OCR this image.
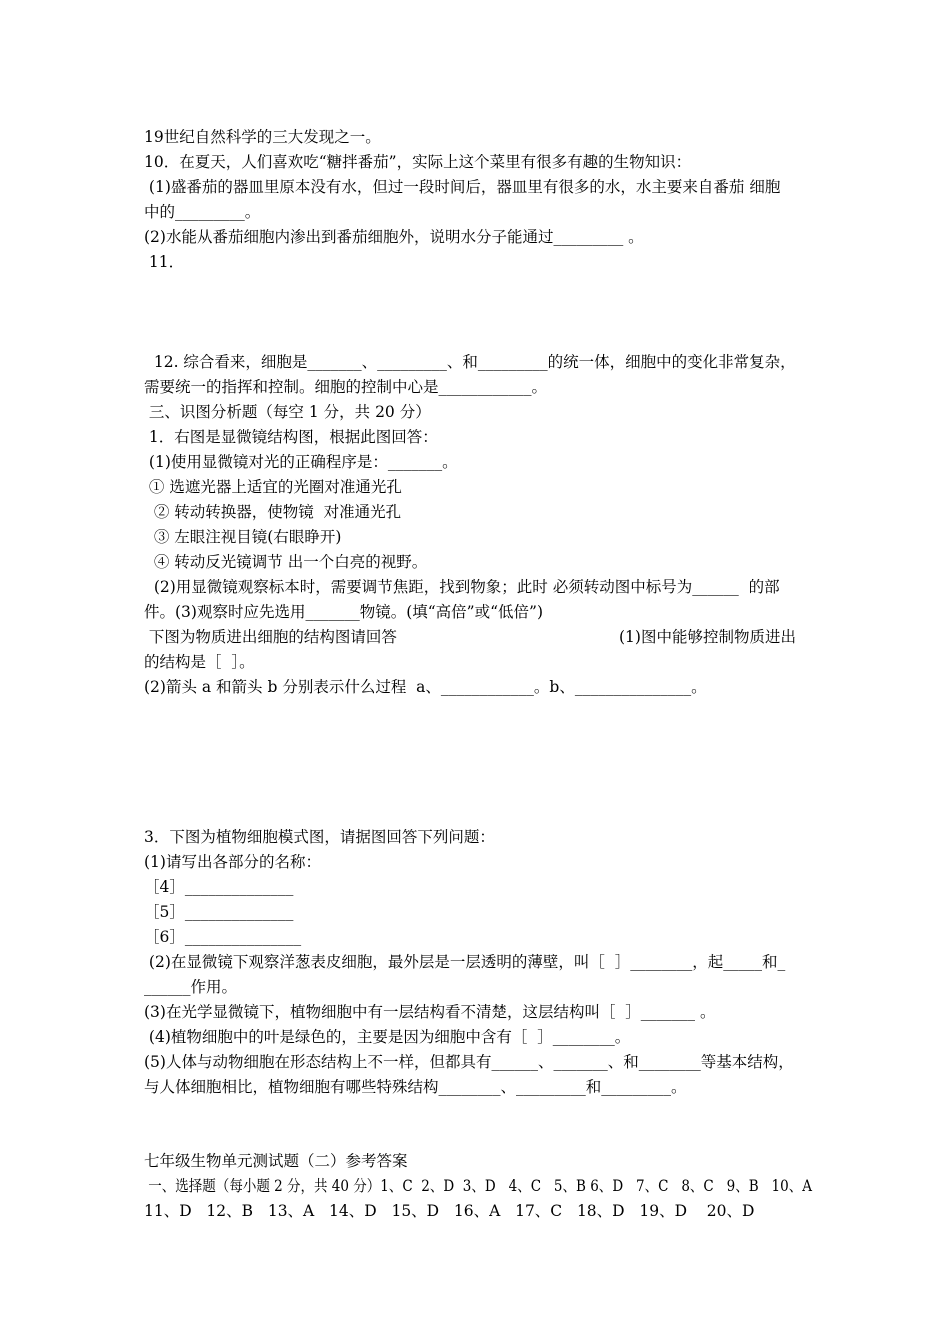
19世纪自然科学的三大发现之一。
10．在夏天，人们喜欢吃“糖拌番茄”，实际上这个菜里有很多有趣的生物知识：
(1)盛番茄的器皿里原本没有水，但过一段时间后，器皿里有很多的水，水主要来自番茄 细胞
中的_________。
(2)水能从番茄细胞内渗出到番茄细胞外，说明水分子能通过_________ 。
11．
12. 综合看来，细胞是_______、_________、和_________的统一体，细胞中的变化非常复杂，
需要统一的指挥和控制。细胞的控制中心是____________。
三、识图分析题（每空 1 分，共 20 分）
1．右图是显微镜结构图，根据此图回答：
(1)使用显微镜对光的正确程序是：_______。
① 选遮光器上适宜的光圈对准通光孔
② 转动转换器，使物镜  对准通光孔
③ 左眼注视目镜(右眼睁开)
④ 转动反光镜调节 出一个白亮的视野。
(2)用显微镜观察标本时，需要调节焦距，找到物象；此时 必须转动图中标号为______  的部
件。(3)观察时应先选用_______物镜。(填“高倍”或“低倍”)
下图为物质进出细胞的结构图请回答	(1)图中能够控制物质进出
的结构是［  ］。
(2)箭头 a 和箭头 b 分别表示什么过程  a、____________。b、_______________。
3．下图为植物细胞模式图，请据图回答下列问题：
(1)请写出各部分的名称：
［4］______________
［5］______________
［6］_______________
(2)在显微镜下观察洋葱表皮细胞，最外层是一层透明的薄壁，叫［  ］________，起_____和_
______作用。
(3)在光学显微镜下，植物细胞中有一层结构看不清楚，这层结构叫［  ］_______ 。
(4)植物细胞中的叶是绿色的，主要是因为细胞中含有［  ］________。
(5)人体与动物细胞在形态结构上不一样，但都具有______、_______、和________等基本结构，
与人体细胞相比，植物细胞有哪些特殊结构________、_________和_________。
七年级生物单元测试题（二）参考答案
一、选择题（每小题 2 分，共 40 分）1、C  2、D  3、D   4、C   5、B 6、D   7、C   8、C   9、B   10、A
11、D   12、B   13、A   14、D   15、D   16、A   17、C   18、D   19、D    20、D
